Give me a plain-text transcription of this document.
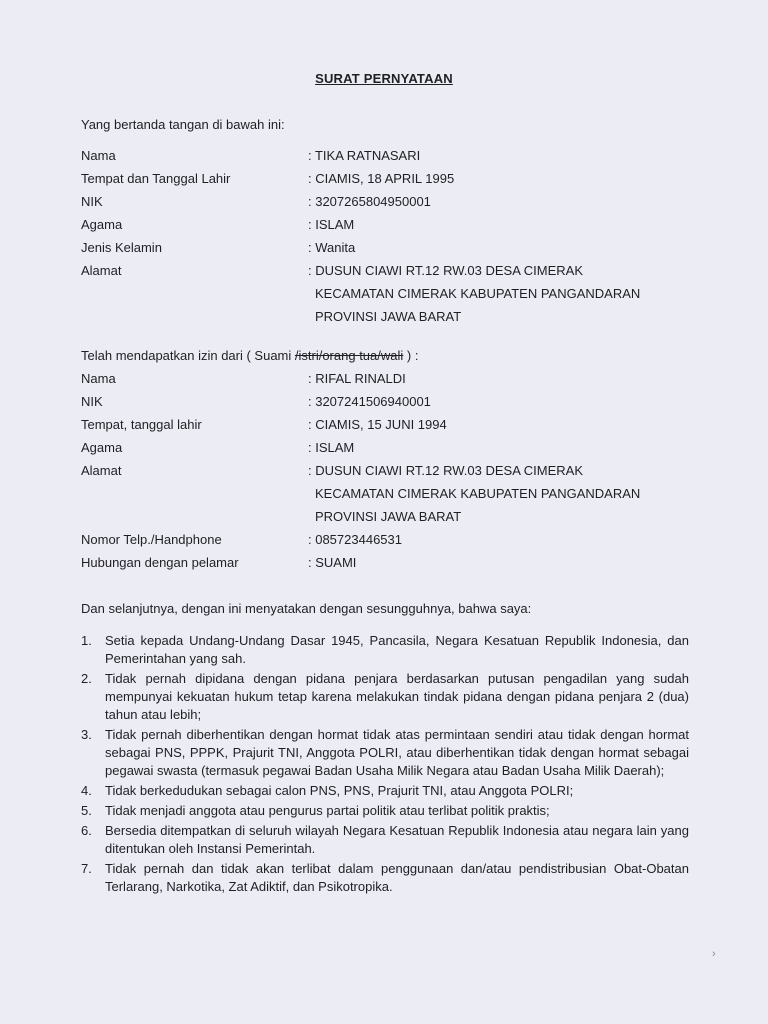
SURAT PERNYATAAN
Yang bertanda tangan di bawah ini:
Nama	: TIKA RATNASARI
Tempat dan Tanggal Lahir	: CIAMIS, 18 APRIL 1995
NIK	: 3207265804950001
Agama	: ISLAM
Jenis Kelamin	: Wanita
Alamat	: DUSUN CIAWI RT.12 RW.03 DESA CIMERAK
KECAMATAN CIMERAK KABUPATEN PANGANDARAN
PROVINSI JAWA BARAT
Telah mendapatkan izin dari ( Suami /istri/orang tua/wali ) :
Nama	: RIFAL RINALDI
NIK	: 3207241506940001
Tempat, tanggal lahir	: CIAMIS, 15 JUNI 1994
Agama	: ISLAM
Alamat	: DUSUN CIAWI RT.12 RW.03 DESA CIMERAK
KECAMATAN CIMERAK KABUPATEN PANGANDARAN
PROVINSI JAWA BARAT
Nomor Telp./Handphone	: 085723446531
Hubungan dengan pelamar	: SUAMI
Dan selanjutnya, dengan ini menyatakan dengan sesungguhnya, bahwa saya:
1. Setia kepada Undang-Undang Dasar 1945, Pancasila, Negara Kesatuan Republik Indonesia, dan Pemerintahan yang sah.
2. Tidak pernah dipidana dengan pidana penjara berdasarkan putusan pengadilan yang sudah mempunyai kekuatan hukum tetap karena melakukan tindak pidana dengan pidana penjara 2 (dua) tahun atau lebih;
3. Tidak pernah diberhentikan dengan hormat tidak atas permintaan sendiri atau tidak dengan hormat sebagai PNS, PPPK, Prajurit TNI, Anggota POLRI, atau diberhentikan tidak dengan hormat sebagai pegawai swasta (termasuk pegawai Badan Usaha Milik Negara atau Badan Usaha Milik Daerah);
4. Tidak berkedudukan sebagai calon PNS, PNS, Prajurit TNI, atau Anggota POLRI;
5. Tidak menjadi anggota atau pengurus partai politik atau terlibat politik praktis;
6. Bersedia ditempatkan di seluruh wilayah Negara Kesatuan Republik Indonesia atau negara lain yang ditentukan oleh Instansi Pemerintah.
7. Tidak pernah dan tidak akan terlibat dalam penggunaan dan/atau pendistribusian Obat-Obatan Terlarang, Narkotika, Zat Adiktif, dan Psikotropika.
›
